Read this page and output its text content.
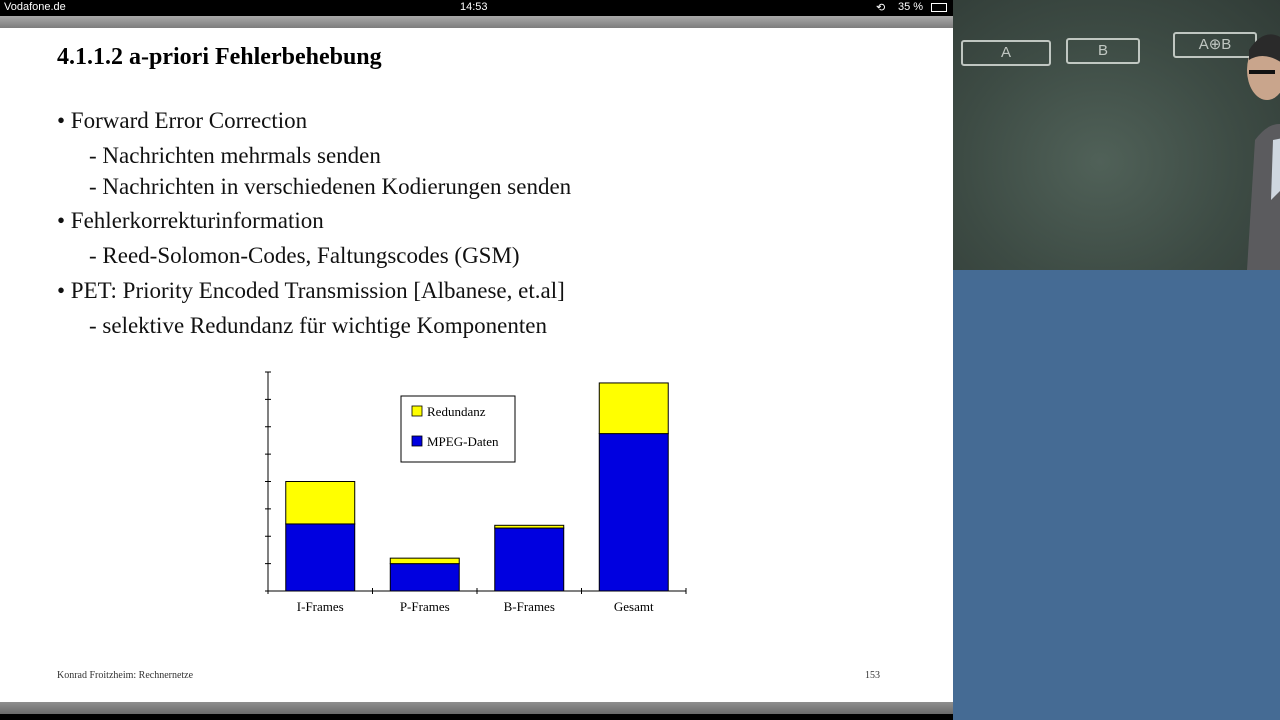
Vodafone.de	14:53	⟲ 35 %
4.1.1.2 a-priori Fehlerbehebung
• Forward Error Correction
- Nachrichten mehrmals senden
- Nachrichten in verschiedenen Kodierungen senden
• Fehlerkorrekturinformation
- Reed-Solomon-Codes, Faltungscodes (GSM)
• PET: Priority Encoded Transmission [Albanese, et.al]
- selektive Redundanz für wichtige Komponenten
I-Frames	P-Frames	B-Frames	Gesamt
Redundanz
MPEG-Daten
Konrad Froitzheim: Rechnernetze	153
A	B	A⊕B
